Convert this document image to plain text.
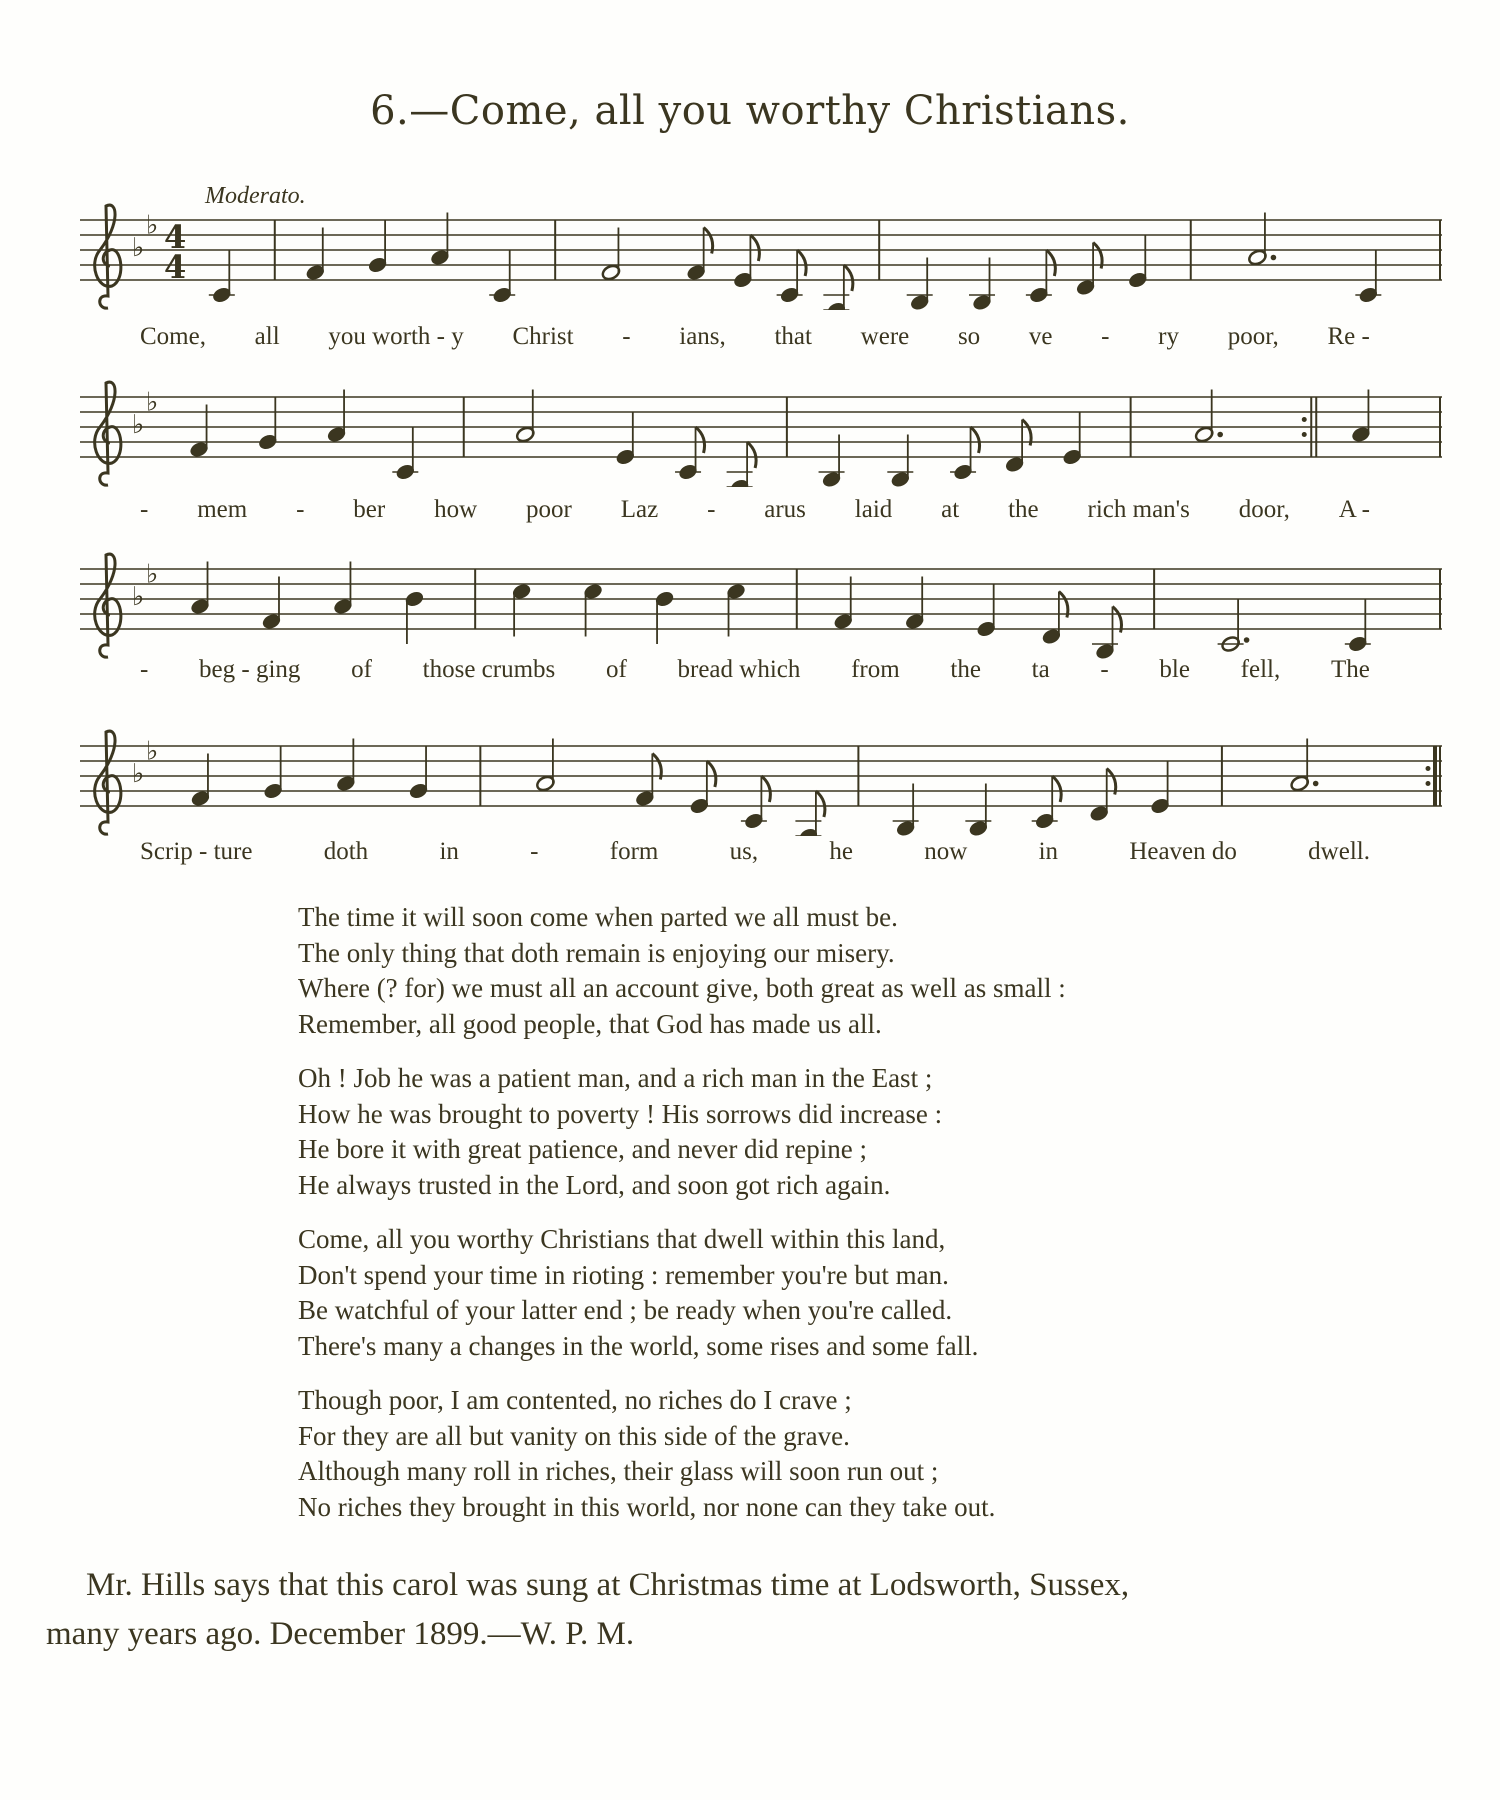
6.—Come, all you worthy Christians.
Moderato.
♭
♭ 4
4
Come, all you worth - y Christ - ians, that were so ve - ry poor, Re -
♭
♭
- mem - ber how poor Laz - arus laid at the rich man's door, A -
♭
♭
- beg - ging of those crumbs of bread which from the ta - ble fell, The
♭
♭
Scrip - ture	doth	in	-	form	us,	he	now	in	Heaven do	dwell.
The time it will soon come when parted we all must be.
The only thing that doth remain is enjoying our misery.
Where (? for) we must all an account give, both great as well as small :
Remember, all good people, that God has made us all.
Oh ! Job he was a patient man, and a rich man in the East ;
How he was brought to poverty ! His sorrows did increase :
He bore it with great patience, and never did repine ;
He always trusted in the Lord, and soon got rich again.
Come, all you worthy Christians that dwell within this land,
Don't spend your time in rioting : remember you're but man.
Be watchful of your latter end ; be ready when you're called.
There's many a changes in the world, some rises and some fall.
Though poor, I am contented, no riches do I crave ;
For they are all but vanity on this side of the grave.
Although many roll in riches, their glass will soon run out ;
No riches they brought in this world, nor none can they take out.
Mr. Hills says that this carol was sung at Christmas time at Lodsworth, Sussex,
many years ago. December 1899.—W. P. M.
